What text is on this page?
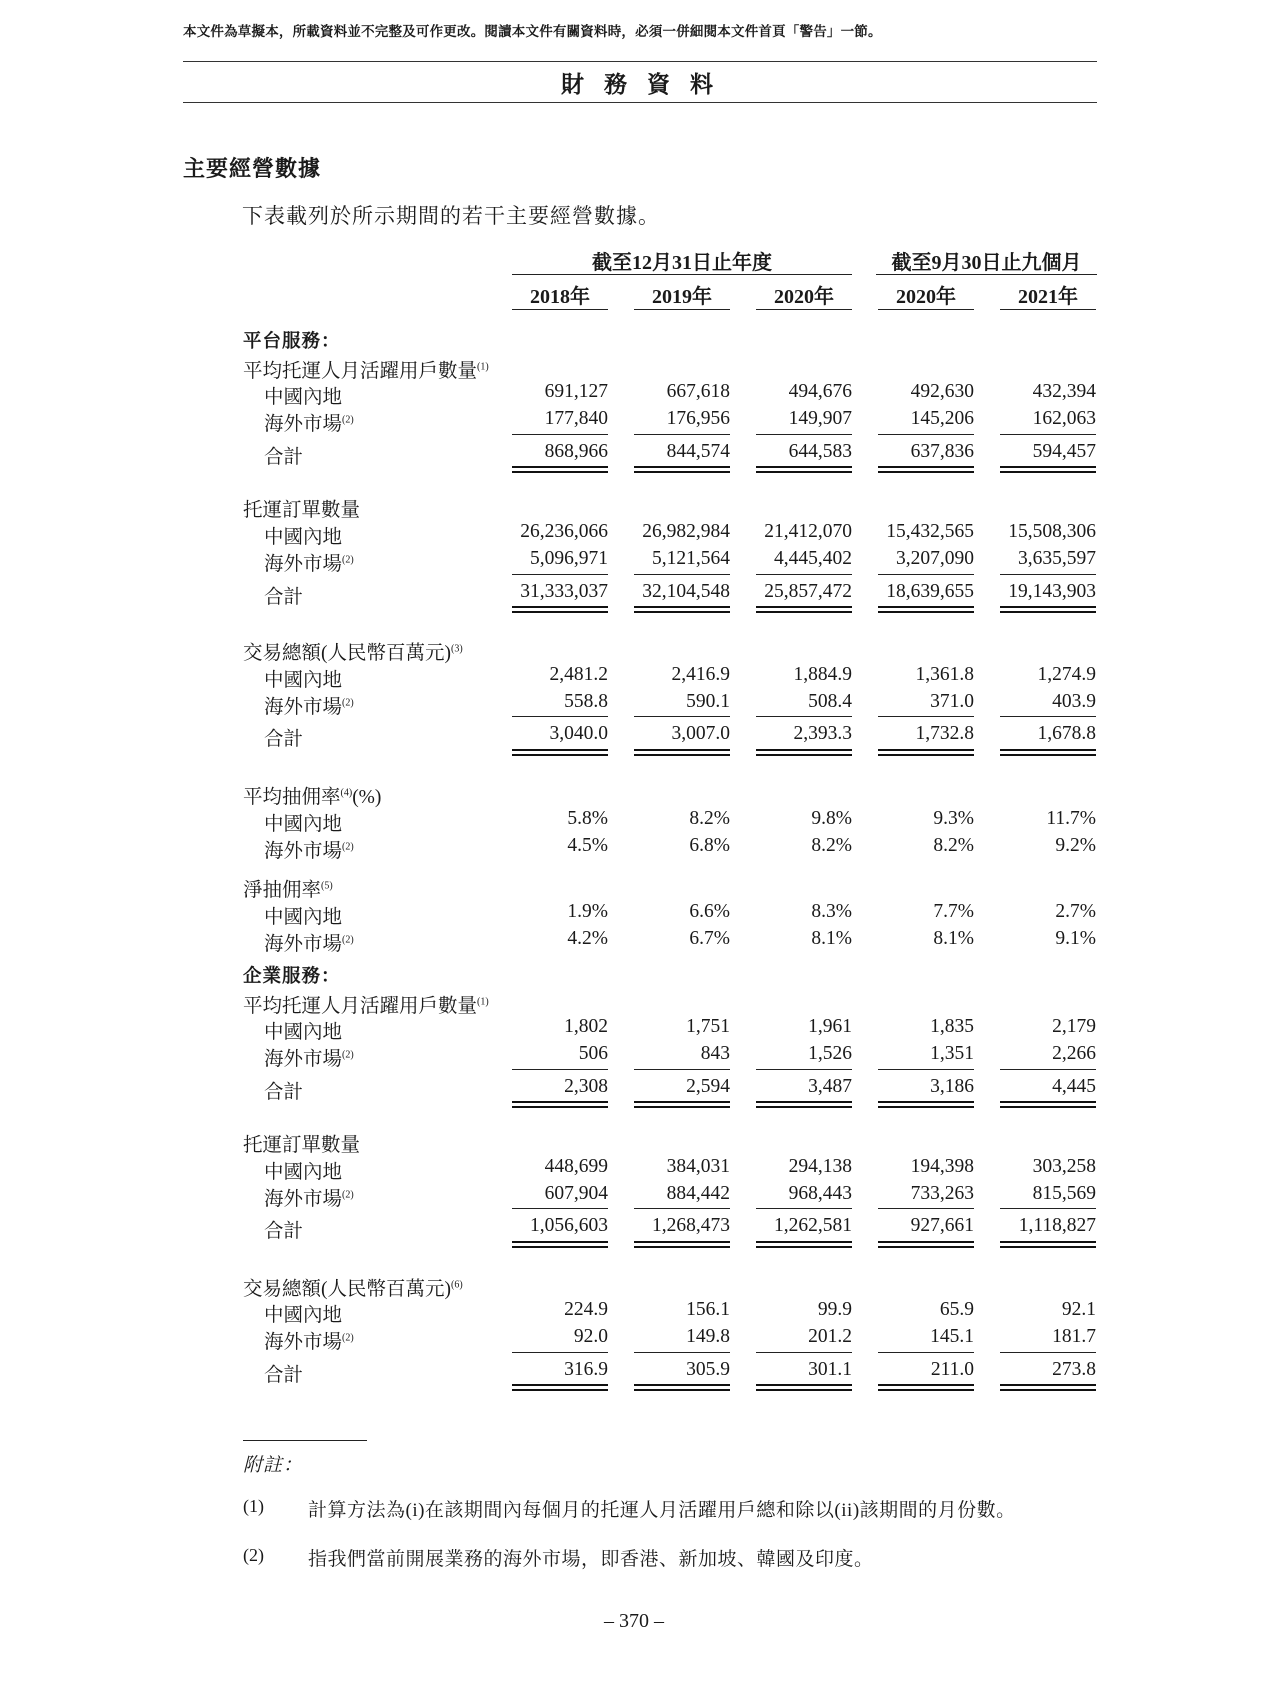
本文件為草擬本，所載資料並不完整及可作更改。閱讀本文件有關資料時，必須一併細閱本文件首頁「警告」一節。
財 務 資 料
主要經營數據
下表載列於所示期間的若干主要經營數據。
截至12月31日止年度	截至9月30日止九個月
2018年	2019年	2020年	2020年	2021年
平台服務：
平均托運人月活躍用戶數量$^{(1)}$
中國內地	691,127	667,618	494,676	492,630	432,394
海外市場$^{(2)}$	177,840	176,956	149,907	145,206	162,063
合計	868,966	844,574	644,583	637,836	594,457
托運訂單數量
中國內地	26,236,066	26,982,984	21,412,070	15,432,565	15,508,306
海外市場$^{(2)}$	5,096,971	5,121,564	4,445,402	3,207,090	3,635,597
合計	31,333,037	32,104,548	25,857,472	18,639,655	19,143,903
交易總額(人民幣百萬元)$^{(3)}$
中國內地	2,481.2	2,416.9	1,884.9	1,361.8	1,274.9
海外市場$^{(2)}$	558.8	590.1	508.4	371.0	403.9
合計	3,040.0	3,007.0	2,393.3	1,732.8	1,678.8
平均抽佣率$^{(4)}$(%)
中國內地	5.8%	8.2%	9.8%	9.3%	11.7%
海外市場$^{(2)}$	4.5%	6.8%	8.2%	8.2%	9.2%
淨抽佣率$^{(5)}$
中國內地	1.9%	6.6%	8.3%	7.7%	2.7%
海外市場$^{(2)}$	4.2%	6.7%	8.1%	8.1%	9.1%
企業服務：
平均托運人月活躍用戶數量$^{(1)}$
中國內地	1,802	1,751	1,961	1,835	2,179
海外市場$^{(2)}$	506	843	1,526	1,351	2,266
合計	2,308	2,594	3,487	3,186	4,445
托運訂單數量
中國內地	448,699	384,031	294,138	194,398	303,258
海外市場$^{(2)}$	607,904	884,442	968,443	733,263	815,569
合計	1,056,603	1,268,473	1,262,581	927,661	1,118,827
交易總額(人民幣百萬元)$^{(6)}$
中國內地	224.9	156.1	99.9	65.9	92.1
海外市場$^{(2)}$	92.0	149.8	201.2	145.1	181.7
合計	316.9	305.9	301.1	211.0	273.8
附註：
(1) 計算方法為(i)在該期間內每個月的托運人月活躍用戶總和除以(ii)該期間的月份數。
(2) 指我們當前開展業務的海外市場，即香港、新加坡、韓國及印度。
– 370 –
